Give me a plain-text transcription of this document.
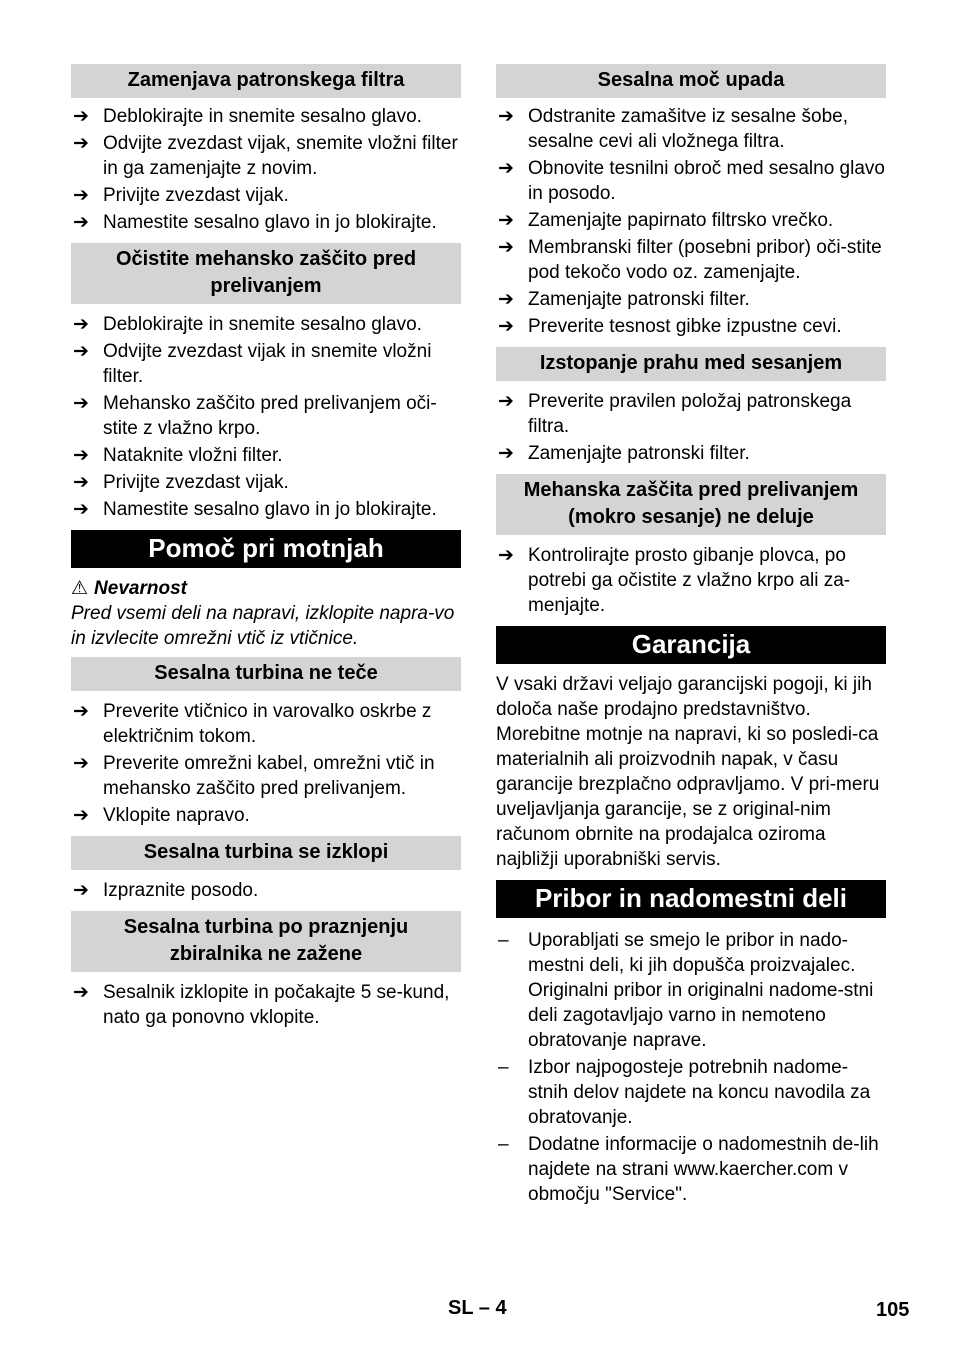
Zamenjava patronskega filtra
➔ Deblokirajte in snemite sesalno glavo.
➔ Odvijte zvezdast vijak, snemite vložni filter in ga zamenjajte z novim.
➔ Privijte zvezdast vijak.
➔ Namestite sesalno glavo in jo blokirajte.
Očistite mehansko zaščito pred prelivanjem
➔ Deblokirajte in snemite sesalno glavo.
➔ Odvijte zvezdast vijak in snemite vložni filter.
➔ Mehansko zaščito pred prelivanjem oči-stite z vlažno krpo.
➔ Nataknite vložni filter.
➔ Privijte zvezdast vijak.
➔ Namestite sesalno glavo in jo blokirajte.
Pomoč pri motnjah

⚠ Nevarnost

Pred vsemi deli na napravi, izklopite napra-vo in izvlecite omrežni vtič iz vtičnice.

Sesalna turbina ne teče
➔ Preverite vtičnico in varovalko oskrbe z električnim tokom.
➔ Preverite omrežni kabel, omrežni vtič in mehansko zaščito pred prelivanjem.
➔ Vklopite napravo.
Sesalna turbina se izklopi
➔ Izpraznite posodo.
Sesalna turbina po praznjenju zbiralnika ne zažene
➔ Sesalnik izklopite in počakajte 5 se-kund, nato ga ponovno vklopite.
Sesalna moč upada
➔ Odstranite zamašitve iz sesalne šobe, sesalne cevi ali vložnega filtra.
➔ Obnovite tesnilni obroč med sesalno glavo in posodo.
➔ Zamenjajte papirnato filtrsko vrečko.
➔ Membranski filter (posebni pribor) oči-stite pod tekočo vodo oz. zamenjajte.
➔ Zamenjajte patronski filter.
➔ Preverite tesnost gibke izpustne cevi.
Izstopanje prahu med sesanjem
➔ Preverite pravilen položaj patronskega filtra.
➔ Zamenjajte patronski filter.
Mehanska zaščita pred prelivanjem (mokro sesanje) ne deluje
➔ Kontrolirajte prosto gibanje plovca, po potrebi ga očistite z vlažno krpo ali za-menjajte.
Garancija

V vsaki državi veljajo garancijski pogoji, ki jih določa naše prodajno predstavništvo. Morebitne motnje na napravi, ki so posledi-ca materialnih ali proizvodnih napak, v času garancije brezplačno odpravljamo. V pri-meru uveljavljanja garancije, se z original-nim računom obrnite na prodajalca oziroma najbližji uporabniški servis.

Pribor in nadomestni deli
– Uporabljati se smejo le pribor in nado-mestni deli, ki jih dopušča proizvajalec. Originalni pribor in originalni nadome-stni deli zagotavljajo varno in nemoteno obratovanje naprave.
– Izbor najpogosteje potrebnih nadome-stnih delov najdete na koncu navodila za obratovanje.
– Dodatne informacije o nadomestnih de-lih najdete na strani www.kaercher.com v območju "Service".
SL – 4	105
